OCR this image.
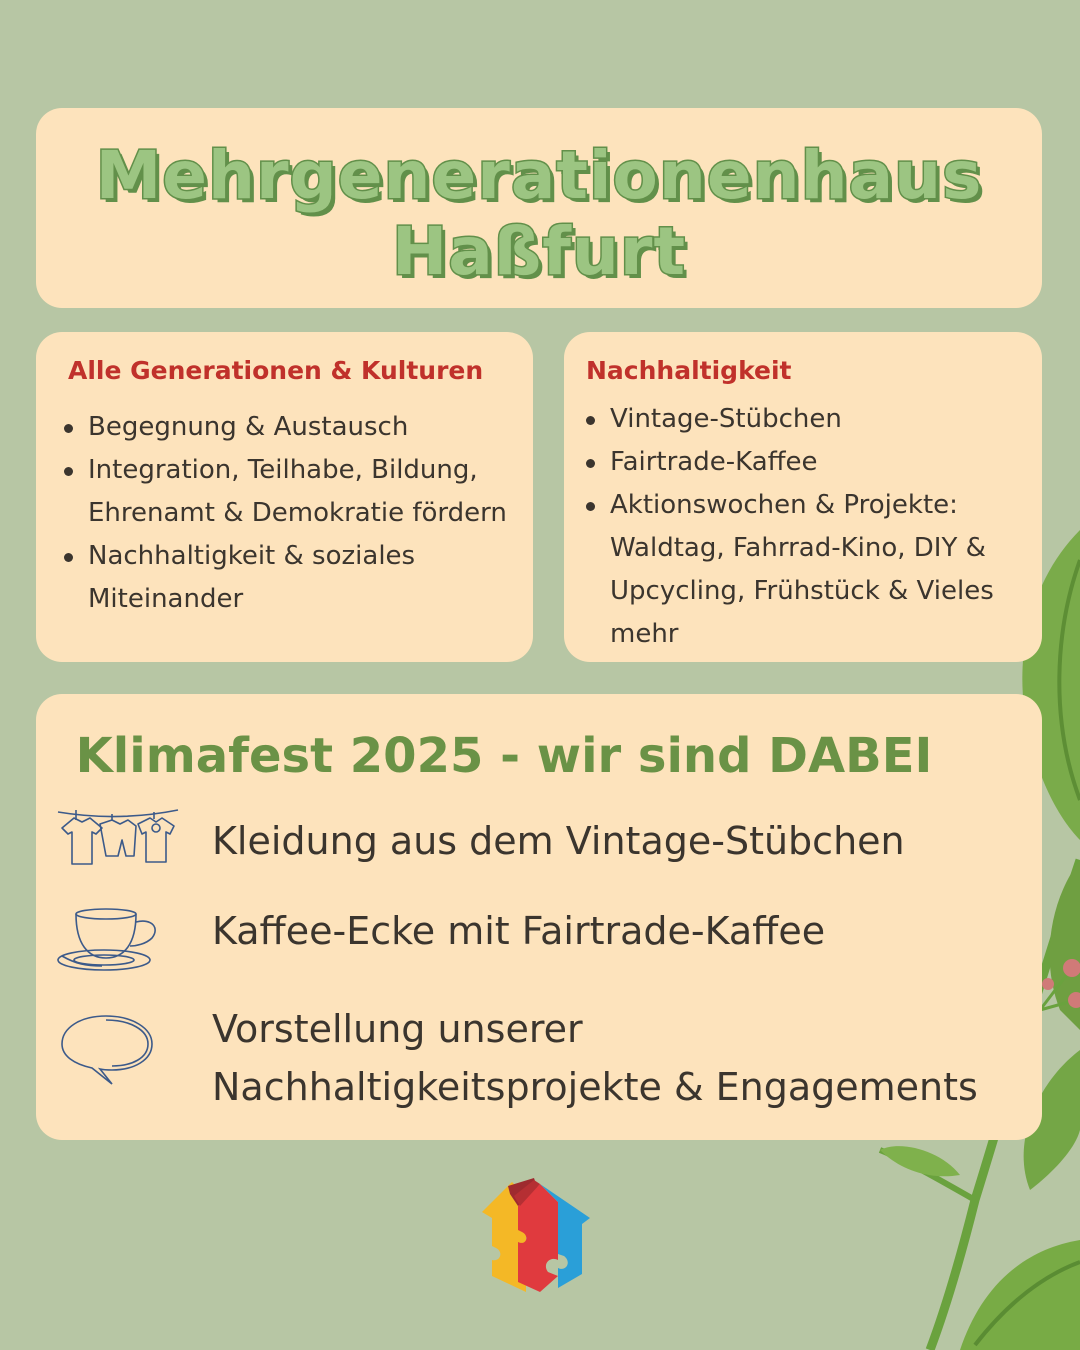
Mehrgenerationenhaus
Haßfurt
Alle Generationen & Kulturen
Begegnung & Austausch
Integration, Teilhabe, Bildung, Ehrenamt & Demokratie fördern
Nachhaltigkeit & soziales Miteinander
Nachhaltigkeit
Vintage-Stübchen
Fairtrade-Kaffee
Aktionswochen & Projekte: Waldtag, Fahrrad-Kino, DIY & Upcycling, Frühstück & Vieles mehr
Klimafest 2025 - wir sind DABEI
Kleidung aus dem Vintage-Stübchen
Kaffee-Ecke mit Fairtrade-Kaffee
Vorstellung unserer Nachhaltigkeitsprojekte & Engagements
